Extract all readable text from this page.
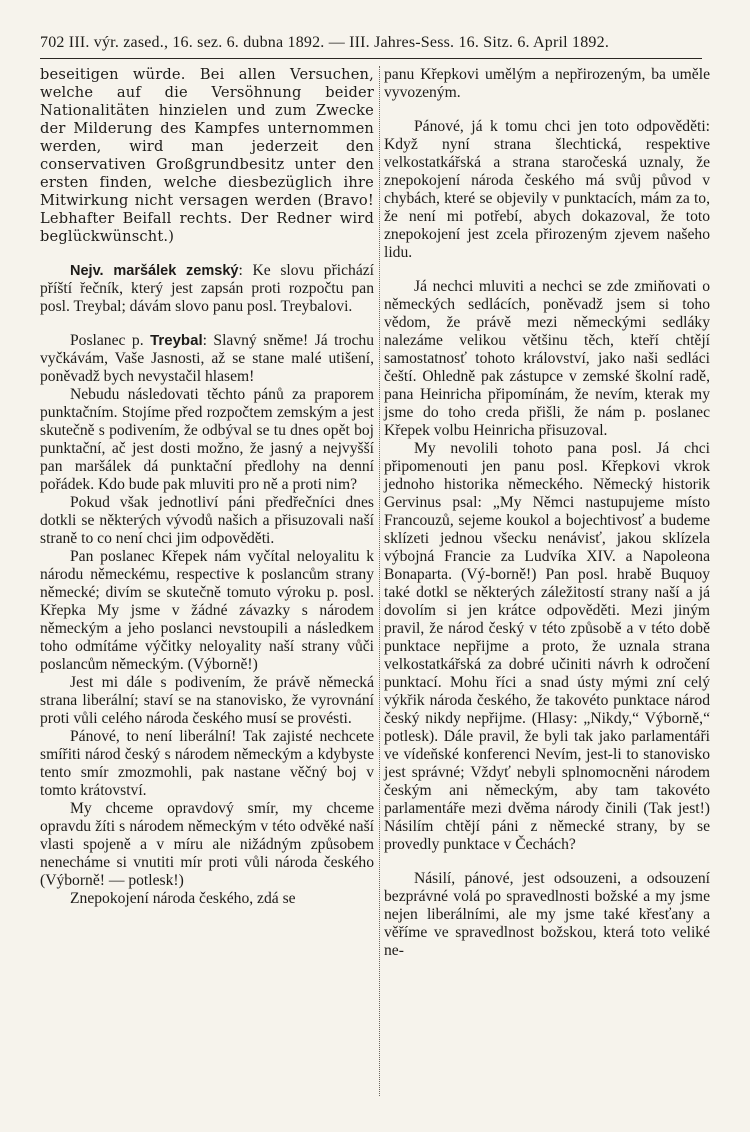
702 III. výr. zased., 16. sez. 6. dubna 1892. — III. Jahres-Sess. 16. Sitz. 6. April 1892.

beseitigen würde. Bei allen Versuchen, welche auf die Versöhnung beider Nationalitäten hinzielen und zum Zwecke der Milderung des Kampfes unternommen werden, wird man jederzeit den conservativen Großgrundbesitz unter den ersten finden, welche diesbezüglich ihre Mitwirkung nicht versagen werden (Bravo! Lebhafter Beifall rechts. Der Redner wird beglückwünscht.)

Nejv. maršálek zemský: Ke slovu přichází příští řečník, který jest zapsán proti rozpočtu pan posl. Treybal; dávám slovo panu posl. Treybalovi.

Poslanec p. Treybal: Slavný sněme! Já trochu vyčkávám, Vaše Jasnosti, až se stane malé utišení, poněvadž bych nevystačil hlasem!

Nebudu následovati těchto pánů za praporem punktačním. Stojíme před rozpočtem zemským a jest skutečně s podivením, že odbýval se tu dnes opět boj punktační, ač jest dosti možno, že jasný a nejvyšší pan maršálek dá punktační předlohy na denní pořádek. Kdo bude pak mluviti pro ně a proti nim?

Pokud však jednotliví páni předřečníci dnes dotkli se některých vývodů našich a přisuzovali naší straně to co není chci jim odpověděti.

Pan poslanec Křepek nám vyčítal neloyalitu k národu německému, respective k poslancům strany německé; divím se skutečně tomuto výroku p. posl. Křepka My jsme v žádné závazky s národem německým a jeho poslanci nevstoupili a následkem toho odmítáme výčitky neloyality naší strany vůči poslancům německým. (Výborně!)

Jest mi dále s podivením, že právě německá strana liberální; staví se na stanovisko, že vyrovnání proti vůli celého národa českého musí se provésti.

Pánové, to není liberální! Tak zajisté nechcete smířiti národ český s národem německým a kdybyste tento smír zmozmohli, pak nastane věčný boj v tomto krátovství.

My chceme opravdový smír, my chceme opravdu žíti s národem německým v této odvěké naší vlasti spojeně a v míru ale nižádným způsobem nenecháme si vnutiti mír proti vůli národa českého (Výborně! — potlesk!)

Znepokojení národa českého, zdá se

panu Křepkovi umělým a nepřirozeným, ba uměle vyvozeným.

Pánové, já k tomu chci jen toto odpověděti: Když nyní strana šlechtická, respektive velkostatkářská a strana staročeská uznaly, že znepokojení národa českého má svůj původ v chybách, které se objevily v punktacích, mám za to, že není mi potřebí, abych dokazoval, že toto znepokojení jest zcela přirozeným zjevem našeho lidu.

Já nechci mluviti a nechci se zde zmiňovati o německých sedlácích, poněvadž jsem si toho vědom, že právě mezi německými sedláky nalezáme velikou většinu těch, kteří chtějí samostatnosť tohoto království, jako naši sedláci čeští. Ohledně pak zástupce v zemské školní radě, pana Heinricha připomínám, že nevím, kterak my jsme do toho creda přišli, že nám p. poslanec Křepek volbu Heinricha přisuzoval.

My nevolili tohoto pana posl. Já chci připomenouti jen panu posl. Křepkovi vkrok jednoho historika německého. Německý historik Gervinus psal: „My Němci nastupujeme místo Francouzů, sejeme koukol a bojechtivosť a budeme sklízeti jednou všecku nenávisť, jakou sklízela výbojná Francie za Ludvíka XIV. a Napoleona Bonaparta. (Vý-borně!) Pan posl. hrabě Buquoy také dotkl se některých záležitostí strany naší a já dovolím si jen krátce odpověděti. Mezi jiným pravil, že národ český v této způsobě a v této době punktace nepřijme a proto, že uznala strana velkostatkářská za dobré učiniti návrh k odročení punktací. Mohu říci a snad ústy mými zní celý výkřik národa českého, že takovéto punktace národ český nikdy nepřijme. (Hlasy: „Nikdy,“ Výborně,“ potlesk). Dále pravil, že byli tak jako parlamentáři ve vídeňské konferenci Nevím, jest-li to stanovisko jest správné; Vždyť nebyli splnomocněni národem českým ani německým, aby tam takovéto parlamentáře mezi dvěma národy činili (Tak jest!) Násilím chtějí páni z německé strany, by se provedly punktace v Čechách?

Násilí, pánové, jest odsouzeni, a odsouzení bezprávné volá po spravedlnosti božské a my jsme nejen liberálními, ale my jsme také křesťany a věříme ve spravedlnost božskou, která toto veliké ne-
